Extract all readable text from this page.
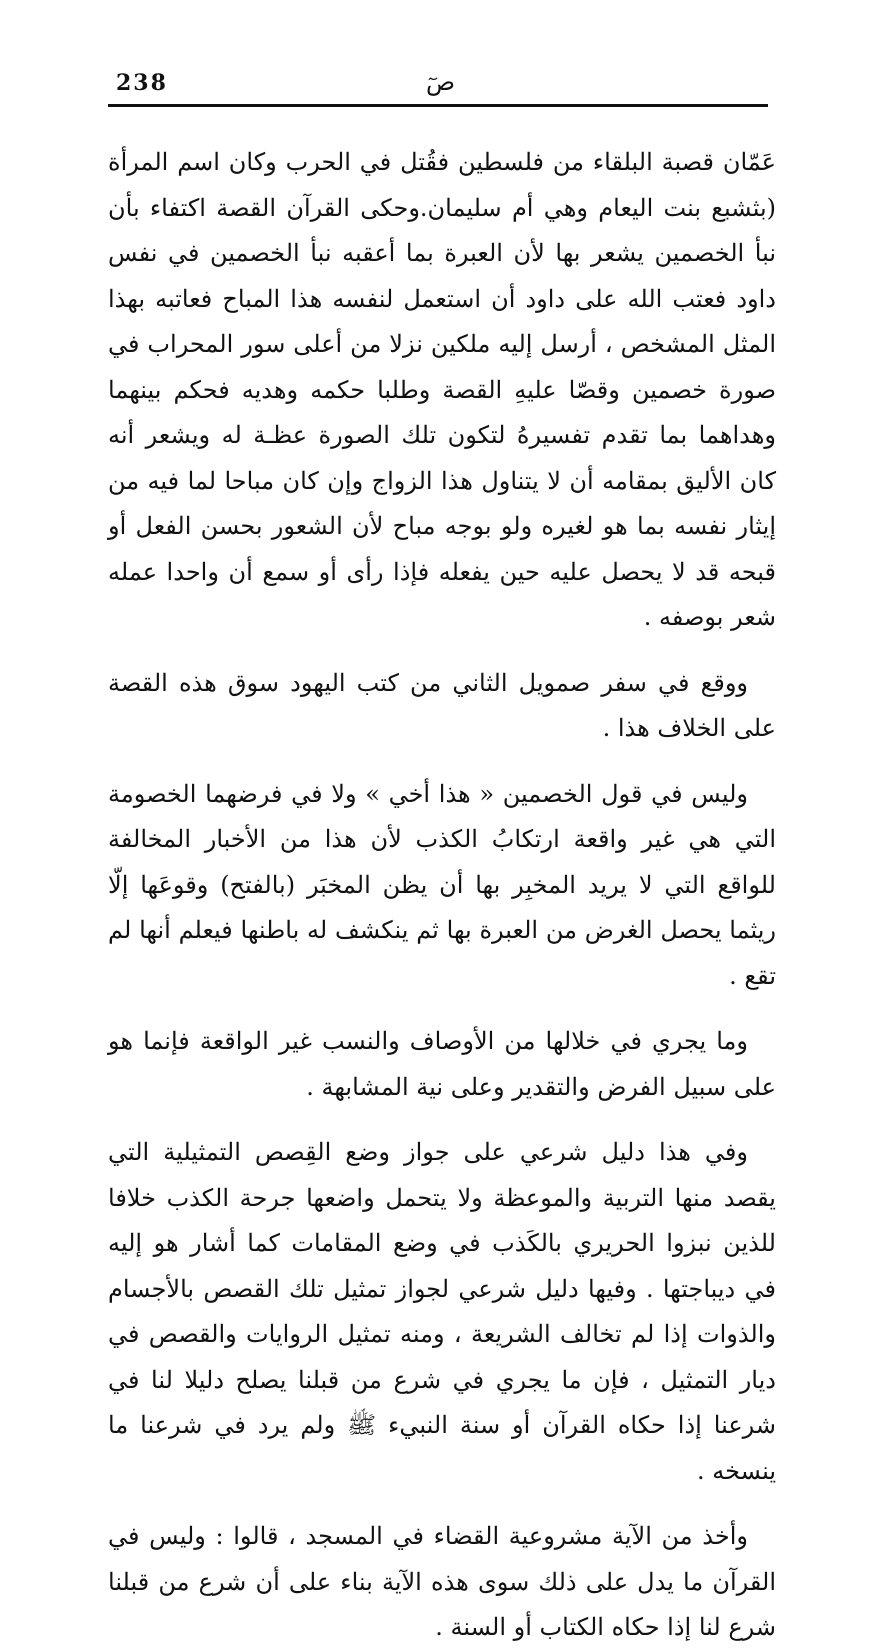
238	صٓ

عَمّان قصبة البلقاء من فلسطين فقُتل في الحرب وكان اسم المرأة (بثشبع بنت اليعام وهي أم سليمان.وحكى القرآن القصة اكتفاء بأن نبأ الخصمين يشعر بها لأن العبرة بما أعقبه نبأ الخصمين في نفس داود فعتب الله على داود أن استعمل لنفسه هذا المباح فعاتبه بهذا المثل المشخص ، أرسل إليه ملكين نزلا من أعلى سور المحراب في صورة خصمين وقصّا عليهِ القصة وطلبا حكمه وهديه فحكم بينهما وهداهما بما تقدم تفسيرهُ لتكون تلك الصورة عظـة له ويشعر أنه كان الأليق بمقامه أن لا يتناول هذا الزواج وإن كان مباحا لما فيه من إيثار نفسه بما هو لغيره ولو بوجه مباح لأن الشعور بحسن الفعل أو قبحه قد لا يحصل عليه حين يفعله فإذا رأى أو سمع أن واحدا عمله شعر بوصفه .

ووقع في سفر صمويل الثاني من كتب اليهود سوق هذه القصة على الخلاف هذا .

وليس في قول الخصمين « هذا أخي » ولا في فرضهما الخصومة التي هي غير واقعة ارتكابُ الكذب لأن هذا من الأخبار المخالفة للواقع التي لا يريد المخبِر بها أن يظن المخبَر (بالفتح) وقوعَها إلّا ريثما يحصل الغرض من العبرة بها ثم ينكشف له باطنها فيعلم أنها لم تقع .

وما يجري في خلالها من الأوصاف والنسب غير الواقعة فإنما هو على سبيل الفرض والتقدير وعلى نية المشابهة .

وفي هذا دليل شرعي على جواز وضع القِصص التمثيلية التي يقصد منها التربية والموعظة ولا يتحمل واضعها جرحة الكذب خلافا للذين نبزوا الحريري بالكَذب في وضع المقامات كما أشار هو إليه في ديباجتها . وفيها دليل شرعي لجواز تمثيل تلك القصص بالأجسام والذوات إذا لم تخالف الشريعة ، ومنه تمثيل الروايات والقصص في ديار التمثيل ، فإن ما يجري في شرع من قبلنا يصلح دليلا لنا في شرعنا إذا حكاه القرآن أو سنة النبيء ﷺ ولم يرد في شرعنا ما ينسخه .

وأخذ من الآية مشروعية القضاء في المسجد ، قالوا : وليس في القرآن ما يدل على ذلك سوى هذه الآية بناء على أن شرع من قبلنا شرع لنا إذا حكاه الكتاب أو السنة .
